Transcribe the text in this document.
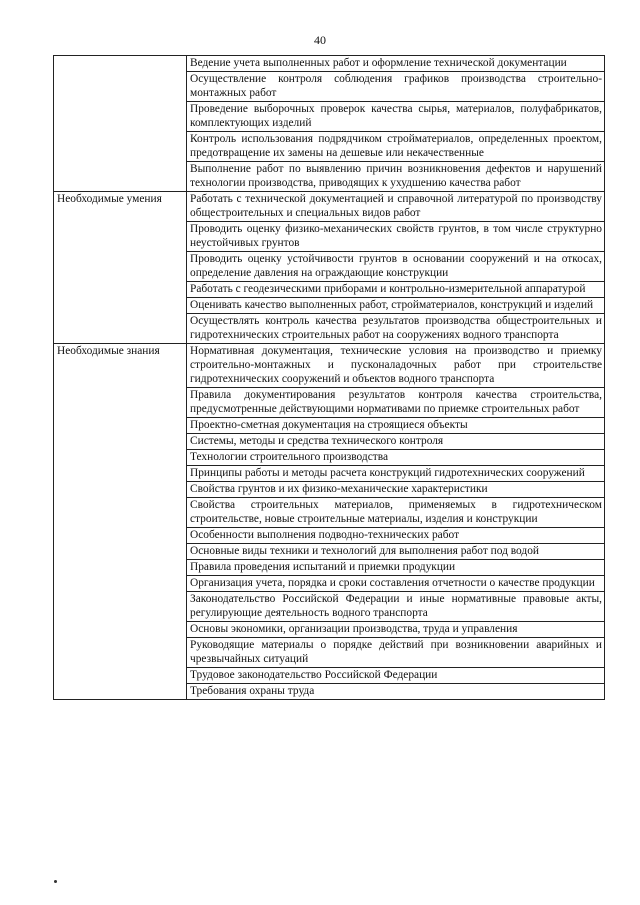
40
	Ведение учета выполненных работ и оформление технической документации
	Осуществление контроля соблюдения графиков производства строительно-монтажных работ
	Проведение выборочных проверок качества сырья, материалов, полуфабрикатов, комплектующих изделий
	Контроль использования подрядчиком стройматериалов, определенных проектом, предотвращение их замены на дешевые или некачественные
	Выполнение работ по выявлению причин возникновения дефектов и нарушений технологии производства, приводящих к ухудшению качества работ
Необходимые умения	Работать с технической документацией и справочной литературой по производству общестроительных и специальных видов работ
	Проводить оценку физико-механических свойств грунтов, в том числе структурно неустойчивых грунтов
	Проводить оценку устойчивости грунтов в основании сооружений и на откосах, определение давления на ограждающие конструкции
	Работать с геодезическими приборами и контрольно-измерительной аппаратурой
	Оценивать качество выполненных работ, стройматериалов, конструкций и изделий
	Осуществлять контроль качества результатов производства общестроительных и гидротехнических строительных работ на сооружениях водного транспорта
Необходимые знания	Нормативная документация, технические условия на производство и приемку строительно-монтажных и пусконаладочных работ при строительстве гидротехнических сооружений и объектов водного транспорта
	Правила документирования результатов контроля качества строительства, предусмотренные действующими нормативами по приемке строительных работ
	Проектно-сметная документация на строящиеся объекты
	Системы, методы и средства технического контроля
	Технологии строительного производства
	Принципы работы и методы расчета конструкций гидротехнических сооружений
	Свойства грунтов и их физико-механические характеристики
	Свойства строительных материалов, применяемых в гидротехническом строительстве, новые строительные материалы, изделия и конструкции
	Особенности выполнения подводно-технических работ
	Основные виды техники и технологий для выполнения работ под водой
	Правила проведения испытаний и приемки продукции
	Организация учета, порядка и сроки составления отчетности о качестве продукции
	Законодательство Российской Федерации и иные нормативные правовые акты, регулирующие деятельность водного транспорта
	Основы экономики, организации производства, труда и управления
	Руководящие материалы о порядке действий при возникновении аварийных и чрезвычайных ситуаций
	Трудовое законодательство Российской Федерации
	Требования охраны труда
